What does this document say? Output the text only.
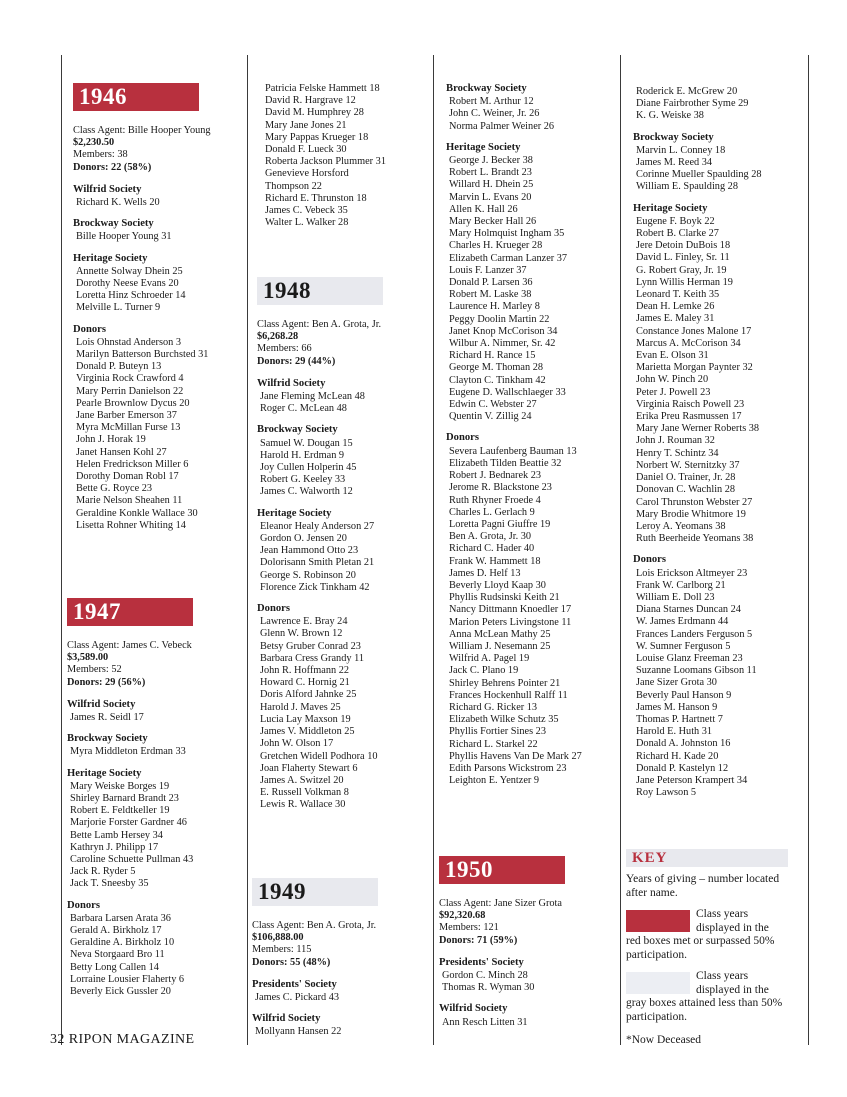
1946
Class Agent: Bille Hooper Young
$2,230.50
Members: 38
Donors: 22 (58%)
Wilfrid Society
Richard K. Wells 20
Brockway Society
Bille Hooper Young 31
Heritage Society
Annette Solway Dhein 25
Dorothy Neese Evans 20
Loretta Hinz Schroeder 14
Melville L. Turner 9
Donors
Lois Ohnstad Anderson 3
Marilyn Batterson Burchsted 31
Donald P. Buteyn 13
Virginia Rock Crawford 4
Mary Perrin Danielson 22
Pearle Brownlow Dycus 20
Jane Barber Emerson 37
Myra McMillan Furse 13
John J. Horak 19
Janet Hansen Kohl 27
Helen Fredrickson Miller 6
Dorothy Doman Robl 17
Bette G. Royce 23
Marie Nelson Sheahen 11
Geraldine Konkle Wallace 30
Lisetta Rohner Whiting 14
1947
Class Agent: James C. Vebeck
$3,589.00
Members: 52
Donors: 29 (56%)
Wilfrid Society
James R. Seidl 17
Brockway Society
Myra Middleton Erdman 33
Heritage Society
Mary Weiske Borges 19
Shirley Barnard Brandt 23
Robert E. Feldtkeller 19
Marjorie Forster Gardner 46
Bette Lamb Hersey 34
Kathryn J. Philipp 17
Caroline Schuette Pullman 43
Jack R. Ryder 5
Jack T. Sneesby 35
Donors
Barbara Larsen Arata 36
Gerald A. Birkholz 17
Geraldine A. Birkholz 10
Neva Storgaard Bro 11
Betty Long Callen 14
Lorraine Lousier Flaherty 6
Beverly Eick Gussler 20
Patricia Felske Hammett 18
David R. Hargrave 12
David M. Humphrey 28
Mary Jane Jones 21
Mary Pappas Krueger 18
Donald F. Lueck 30
Roberta Jackson Plummer 31
Genevieve Horsford Thompson 22
Richard E. Thrunston 18
James C. Vebeck 35
Walter L. Walker 28
1948
Class Agent: Ben A. Grota, Jr.
$6,268.28
Members: 66
Donors: 29 (44%)
Wilfrid Society
Jane Fleming McLean 48
Roger C. McLean 48
Brockway Society
Samuel W. Dougan 15
Harold H. Erdman 9
Joy Cullen Holperin 45
Robert G. Keeley 33
James C. Walworth 12
Heritage Society
Eleanor Healy Anderson 27
Gordon O. Jensen 20
Jean Hammond Otto 23
Dolorisann Smith Pletan 21
George S. Robinson 20
Florence Zick Tinkham 42
Donors
Lawrence E. Bray 24
Glenn W. Brown 12
Betsy Gruber Conrad 23
Barbara Cress Grandy 11
John R. Hoffmann 22
Howard C. Hornig 21
Doris Alford Jahnke 25
Harold J. Maves 25
Lucia Lay Maxson 19
James V. Middleton 25
John W. Olson 17
Gretchen Widell Podhora 10
Joan Flaherty Stewart 6
James A. Switzel 20
E. Russell Volkman 8
Lewis R. Wallace 30
1949
Class Agent: Ben A. Grota, Jr.
$106,888.00
Members: 115
Donors: 55 (48%)
Presidents' Society
James C. Pickard 43
Wilfrid Society
Mollyann Hansen 22
Brockway Society
Robert M. Arthur 12
John C. Weiner, Jr. 26
Norma Palmer Weiner 26
Heritage Society
George J. Becker 38
Robert L. Brandt 23
Willard H. Dhein 25
Marvin L. Evans 20
Allen K. Hall 26
Mary Becker Hall 26
Mary Holmquist Ingham 35
Charles H. Krueger 28
Elizabeth Carman Lanzer 37
Louis F. Lanzer 37
Donald P. Larsen 36
Robert M. Laske 38
Laurence H. Marley 8
Peggy Doolin Martin 22
Janet Knop McCorison 34
Wilbur A. Nimmer, Sr. 42
Richard H. Rance 15
George M. Thoman 28
Clayton C. Tinkham 42
Eugene D. Wallschlaeger 33
Edwin C. Webster 27
Quentin V. Zillig 24
Donors
Severa Laufenberg Bauman 13
Elizabeth Tilden Beattie 32
Robert J. Bednarek 23
Jerome R. Blackstone 23
Ruth Rhyner Froede 4
Charles L. Gerlach 9
Loretta Pagni Giuffre 19
Ben A. Grota, Jr. 30
Richard C. Hader 40
Frank W. Hammett 18
James D. Helf 13
Beverly Lloyd Kaap 30
Phyllis Rudsinski Keith 21
Nancy Dittmann Knoedler 17
Marion Peters Livingstone 11
Anna McLean Mathy 25
William J. Nesemann 25
Wilfrid A. Pagel 19
Jack C. Plano 19
Shirley Behrens Pointer 21
Frances Hockenhull Ralff 11
Richard G. Ricker 13
Elizabeth Wilke Schutz 35
Phyllis Fortier Sines 23
Richard L. Starkel 22
Phyllis Havens Van De Mark 27
Edith Parsons Wickstrom 23
Leighton E. Yentzer 9
1950
Class Agent: Jane Sizer Grota
$92,320.68
Members: 121
Donors: 71 (59%)
Presidents' Society
Gordon C. Minch 28
Thomas R. Wyman 30
Wilfrid Society
Ann Resch Litten 31
Roderick E. McGrew 20
Diane Fairbrother Syme 29
K. G. Weiske 38
Brockway Society
Marvin L. Conney 18
James M. Reed 34
Corinne Mueller Spaulding 28
William E. Spaulding 28
Heritage Society
Eugene F. Boyk 22
Robert B. Clarke 27
Jere Detoin DuBois 18
David L. Finley, Sr. 11
G. Robert Gray, Jr. 19
Lynn Willis Herman 19
Leonard T. Keith 35
Dean H. Lemke 26
James E. Maley 31
Constance Jones Malone 17
Marcus A. McCorison 34
Evan E. Olson 31
Marietta Morgan Paynter 32
John W. Pinch 20
Peter J. Powell 23
Virginia Raisch Powell 23
Erika Preu Rasmussen 17
Mary Jane Werner Roberts 38
John J. Rouman 32
Henry T. Schintz 34
Norbert W. Sternitzky 37
Daniel O. Trainer, Jr. 28
Donovan C. Wachlin 28
Carol Thrunston Webster 27
Mary Brodie Whitmore 19
Leroy A. Yeomans 38
Ruth Beerheide Yeomans 38
Donors
Lois Erickson Altmeyer 23
Frank W. Carlborg 21
William E. Doll 23
Diana Starnes Duncan 24
W. James Erdmann 44
Frances Landers Ferguson 5
W. Sumner Ferguson 5
Louise Glanz Freeman 23
Suzanne Loomans Gibson 11
Jane Sizer Grota 30
Beverly Paul Hanson 9
James M. Hanson 9
Thomas P. Hartnett 7
Harold E. Huth 31
Donald A. Johnston 16
Richard H. Kade 20
Donald P. Kastelyn 12
Jane Peterson Krampert 34
Roy Lawson 5
KEY
Years of giving – number located after name.
Class years displayed in the
red boxes met or surpassed 50% participation.
Class years displayed in the
gray boxes attained less than 50% participation.
*Now Deceased
32 RIPON MAGAZINE
